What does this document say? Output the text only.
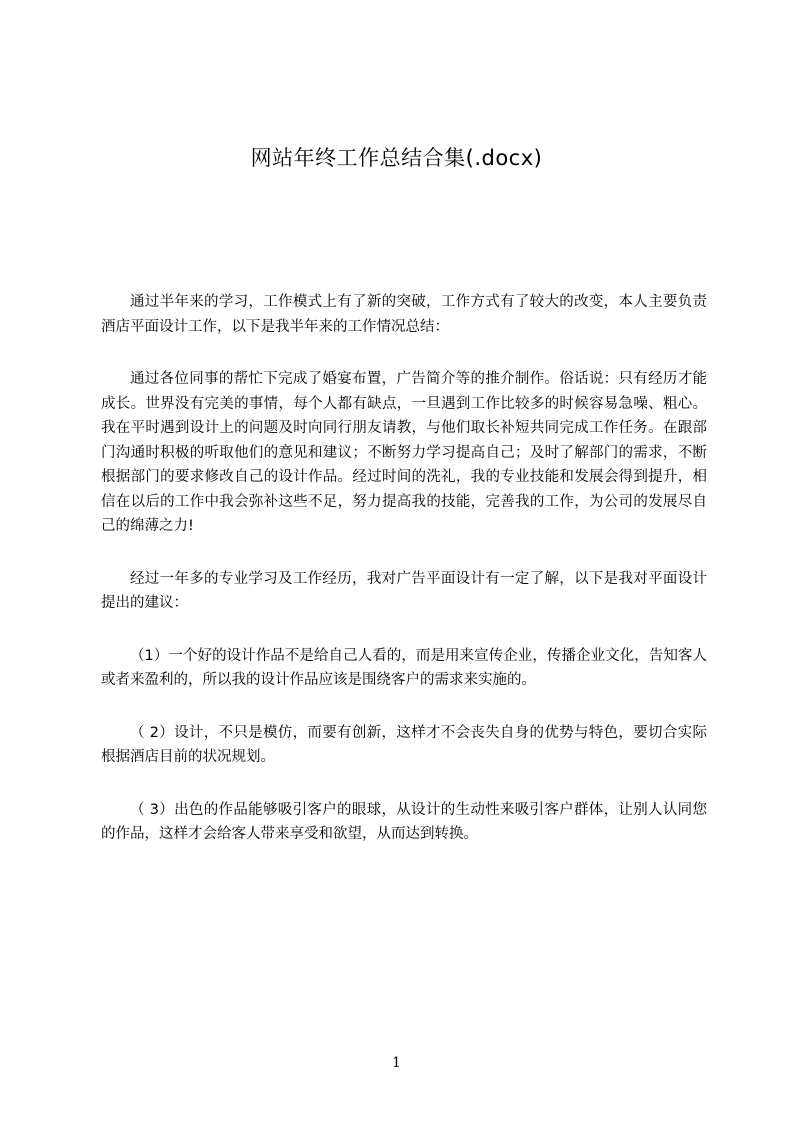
网站年终工作总结合集(.docx)

通过半年来的学习，工作模式上有了新的突破，工作方式有了较大的改变，本人主要负责酒店平面设计工作，以下是我半年来的工作情况总结：

通过各位同事的帮忙下完成了婚宴布置，广告简介等的推介制作。俗话说：只有经历才能成长。世界没有完美的事情，每个人都有缺点，一旦遇到工作比较多的时候容易急噪、粗心。我在平时遇到设计上的问题及时向同行朋友请教，与他们取长补短共同完成工作任务。在跟部门沟通时积极的听取他们的意见和建议；不断努力学习提高自己；及时了解部门的需求，不断根据部门的要求修改自己的设计作品。经过时间的洗礼，我的专业技能和发展会得到提升，相信在以后的工作中我会弥补这些不足，努力提高我的技能，完善我的工作，为公司的发展尽自己的绵薄之力!

经过一年多的专业学习及工作经历，我对广告平面设计有一定了解，以下是我对平面设计提出的建议：

（1）一个好的设计作品不是给自己人看的，而是用来宣传企业，传播企业文化，告知客人或者来盈利的，所以我的设计作品应该是围绕客户的需求来实施的。

（ 2）设计，不只是模仿，而要有创新，这样才不会丧失自身的优势与特色，要切合实际根据酒店目前的状况规划。

（ 3）出色的作品能够吸引客户的眼球，从设计的生动性来吸引客户群体，让别人认同您的作品，这样才会给客人带来享受和欲望，从而达到转换。

1
